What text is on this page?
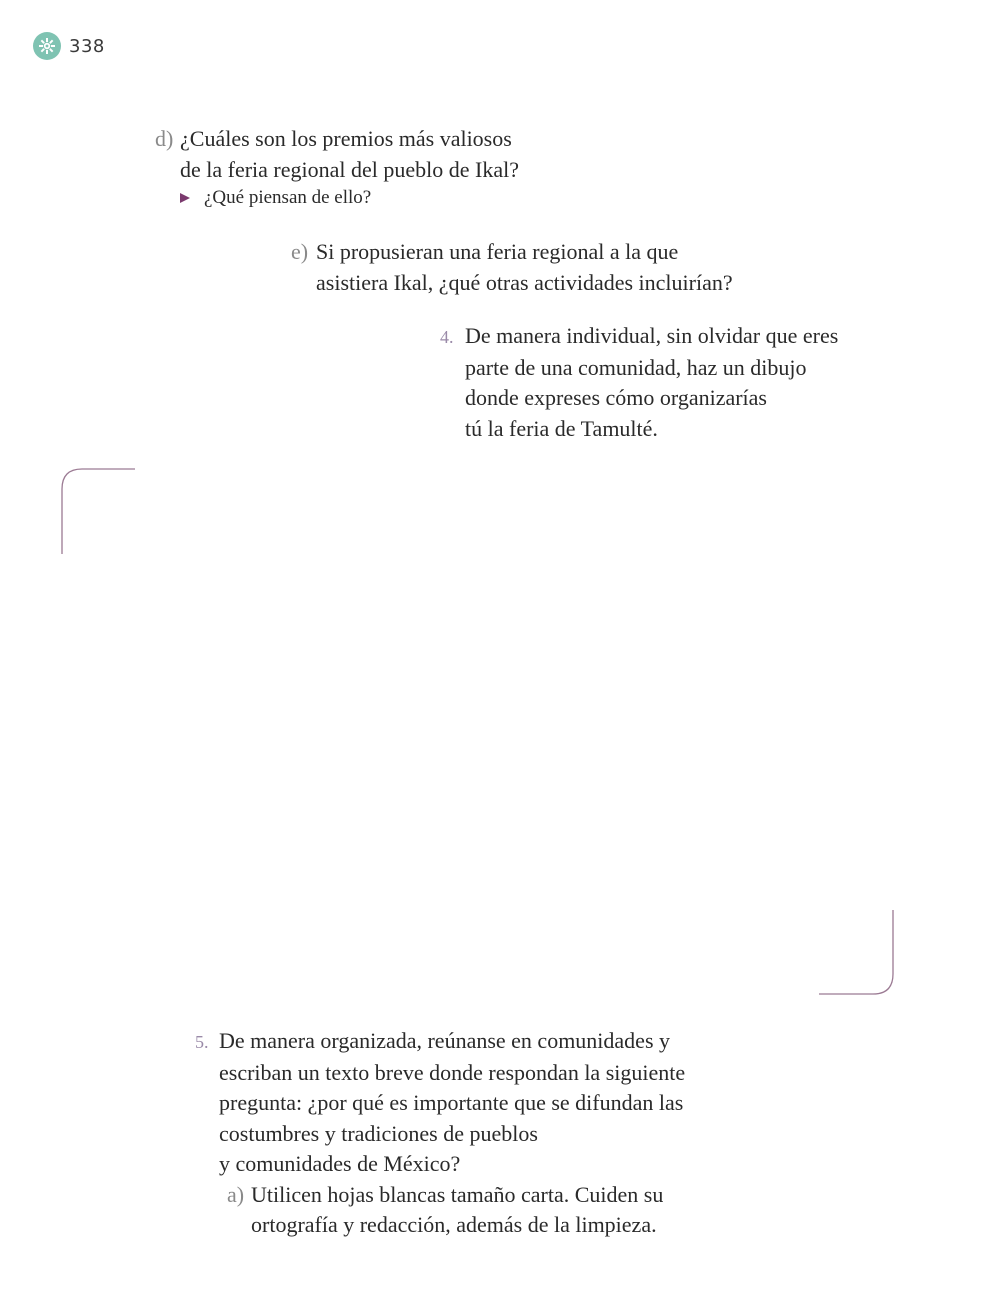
338
d) ¿Cuáles son los premios más valiosos
de la feria regional del pueblo de Ikal?
¿Qué piensan de ello?
e) Si propusieran una feria regional a la que
asistiera Ikal, ¿qué otras actividades incluirían?
4. De manera individual, sin olvidar que eres
parte de una comunidad, haz un dibujo
donde expreses cómo organizarías
tú la feria de Tamulté.
5. De manera organizada, reúnanse en comunidades y
escriban un texto breve donde respondan la siguiente
pregunta: ¿por qué es importante que se difundan las
costumbres y tradiciones de pueblos
y comunidades de México?
a) Utilicen hojas blancas tamaño carta. Cuiden su
ortografía y redacción, además de la limpieza.
